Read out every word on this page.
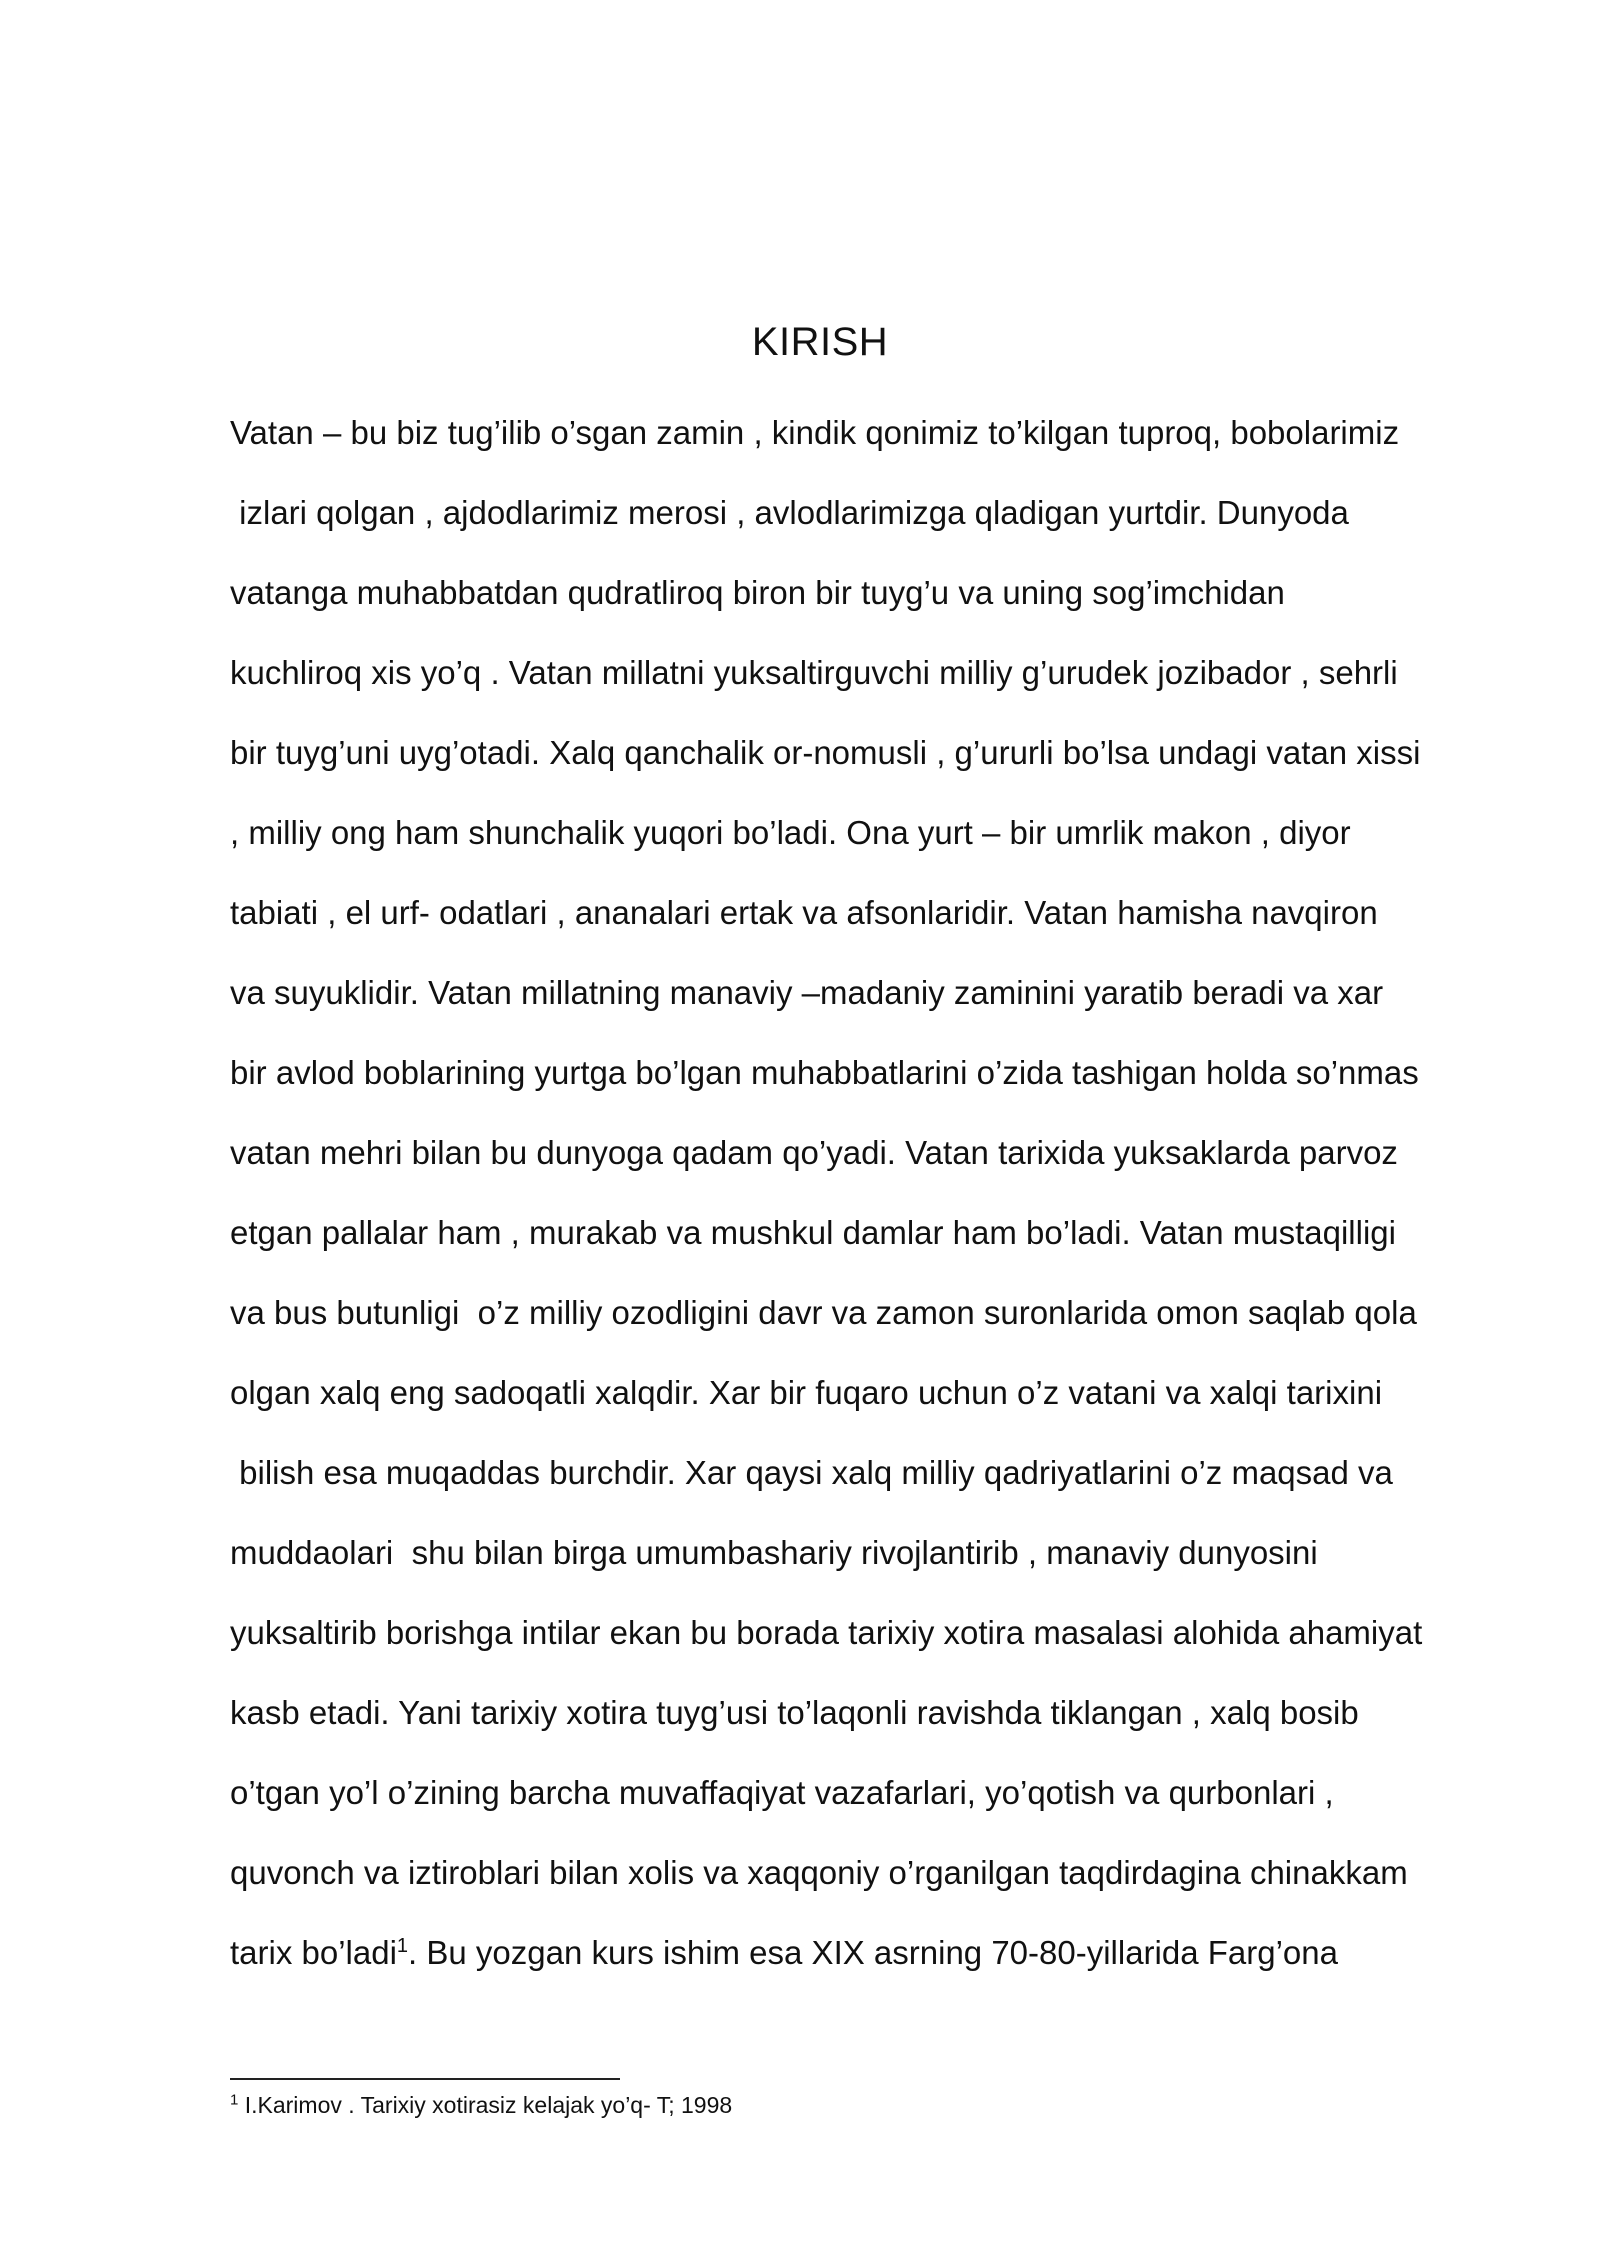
KIRISH
Vatan – bu biz tug’ilib o’sgan zamin , kindik qonimiz to’kilgan tuproq, bobolarimiz
izlari qolgan , ajdodlarimiz merosi , avlodlarimizga qladigan yurtdir. Dunyoda
vatanga muhabbatdan qudratliroq biron bir tuyg’u va uning sog’imchidan
kuchliroq xis yo’q . Vatan millatni yuksaltirguvchi milliy g’urudek jozibador , sehrli
bir tuyg’uni uyg’otadi. Xalq qanchalik or-nomusli , g’ururli bo’lsa undagi vatan xissi
, milliy ong ham shunchalik yuqori bo’ladi. Ona yurt – bir umrlik makon , diyor
tabiati , el urf- odatlari , ananalari ertak va afsonlaridir. Vatan hamisha navqiron
va suyuklidir. Vatan millatning manaviy –madaniy zaminini yaratib beradi va xar
bir avlod boblarining yurtga bo’lgan muhabbatlarini o’zida tashigan holda so’nmas
vatan mehri bilan bu dunyoga qadam qo’yadi. Vatan tarixida yuksaklarda parvoz
etgan pallalar ham , murakab va mushkul damlar ham bo’ladi. Vatan mustaqilligi
va bus butunligi  o’z milliy ozodligini davr va zamon suronlarida omon saqlab qola
olgan xalq eng sadoqatli xalqdir. Xar bir fuqaro uchun o’z vatani va xalqi tarixini
bilish esa muqaddas burchdir. Xar qaysi xalq milliy qadriyatlarini o’z maqsad va
muddaolari  shu bilan birga umumbashariy rivojlantirib , manaviy dunyosini
yuksaltirib borishga intilar ekan bu borada tarixiy xotira masalasi alohida ahamiyat
kasb etadi. Yani tarixiy xotira tuyg’usi to’laqonli ravishda tiklangan , xalq bosib
o’tgan yo’l o’zining barcha muvaffaqiyat vazafarlari, yo’qotish va qurbonlari ,
quvonch va iztiroblari bilan xolis va xaqqoniy o’rganilgan taqdirdagina chinakkam
tarix bo’ladi$^1$. Bu yozgan kurs ishim esa XIX asrning 70-80-yillarida Farg’ona
$^1$ I.Karimov . Tarixiy xotirasiz kelajak yo’q- T; 1998
